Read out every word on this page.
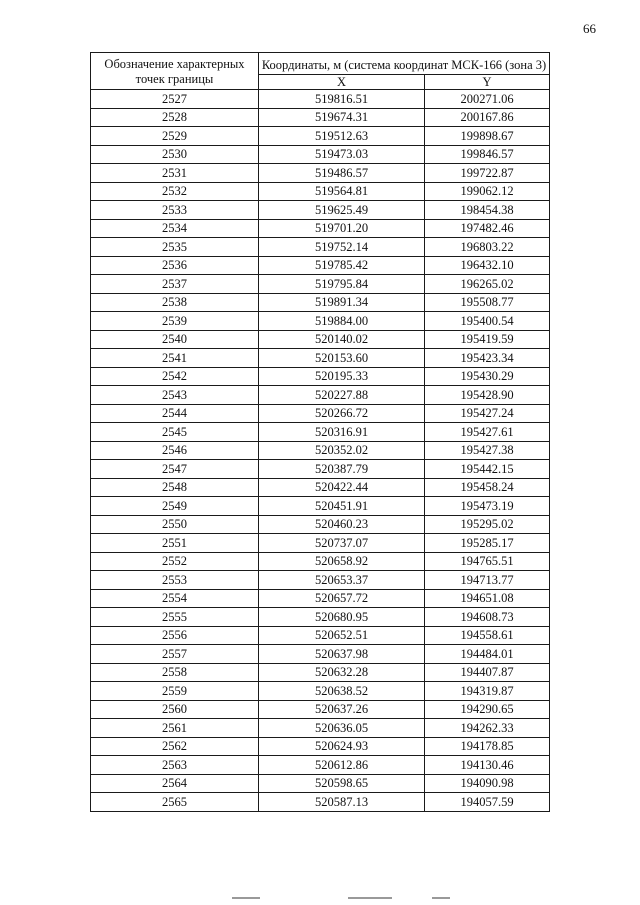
66
Обозначение характерных точек границы	Координаты, м (система координат МСК-166 (зона 3)	
	X	Y
2527	519816.51	200271.06
2528	519674.31	200167.86
2529	519512.63	199898.67
2530	519473.03	199846.57
2531	519486.57	199722.87
2532	519564.81	199062.12
2533	519625.49	198454.38
2534	519701.20	197482.46
2535	519752.14	196803.22
2536	519785.42	196432.10
2537	519795.84	196265.02
2538	519891.34	195508.77
2539	519884.00	195400.54
2540	520140.02	195419.59
2541	520153.60	195423.34
2542	520195.33	195430.29
2543	520227.88	195428.90
2544	520266.72	195427.24
2545	520316.91	195427.61
2546	520352.02	195427.38
2547	520387.79	195442.15
2548	520422.44	195458.24
2549	520451.91	195473.19
2550	520460.23	195295.02
2551	520737.07	195285.17
2552	520658.92	194765.51
2553	520653.37	194713.77
2554	520657.72	194651.08
2555	520680.95	194608.73
2556	520652.51	194558.61
2557	520637.98	194484.01
2558	520632.28	194407.87
2559	520638.52	194319.87
2560	520637.26	194290.65
2561	520636.05	194262.33
2562	520624.93	194178.85
2563	520612.86	194130.46
2564	520598.65	194090.98
2565	520587.13	194057.59
